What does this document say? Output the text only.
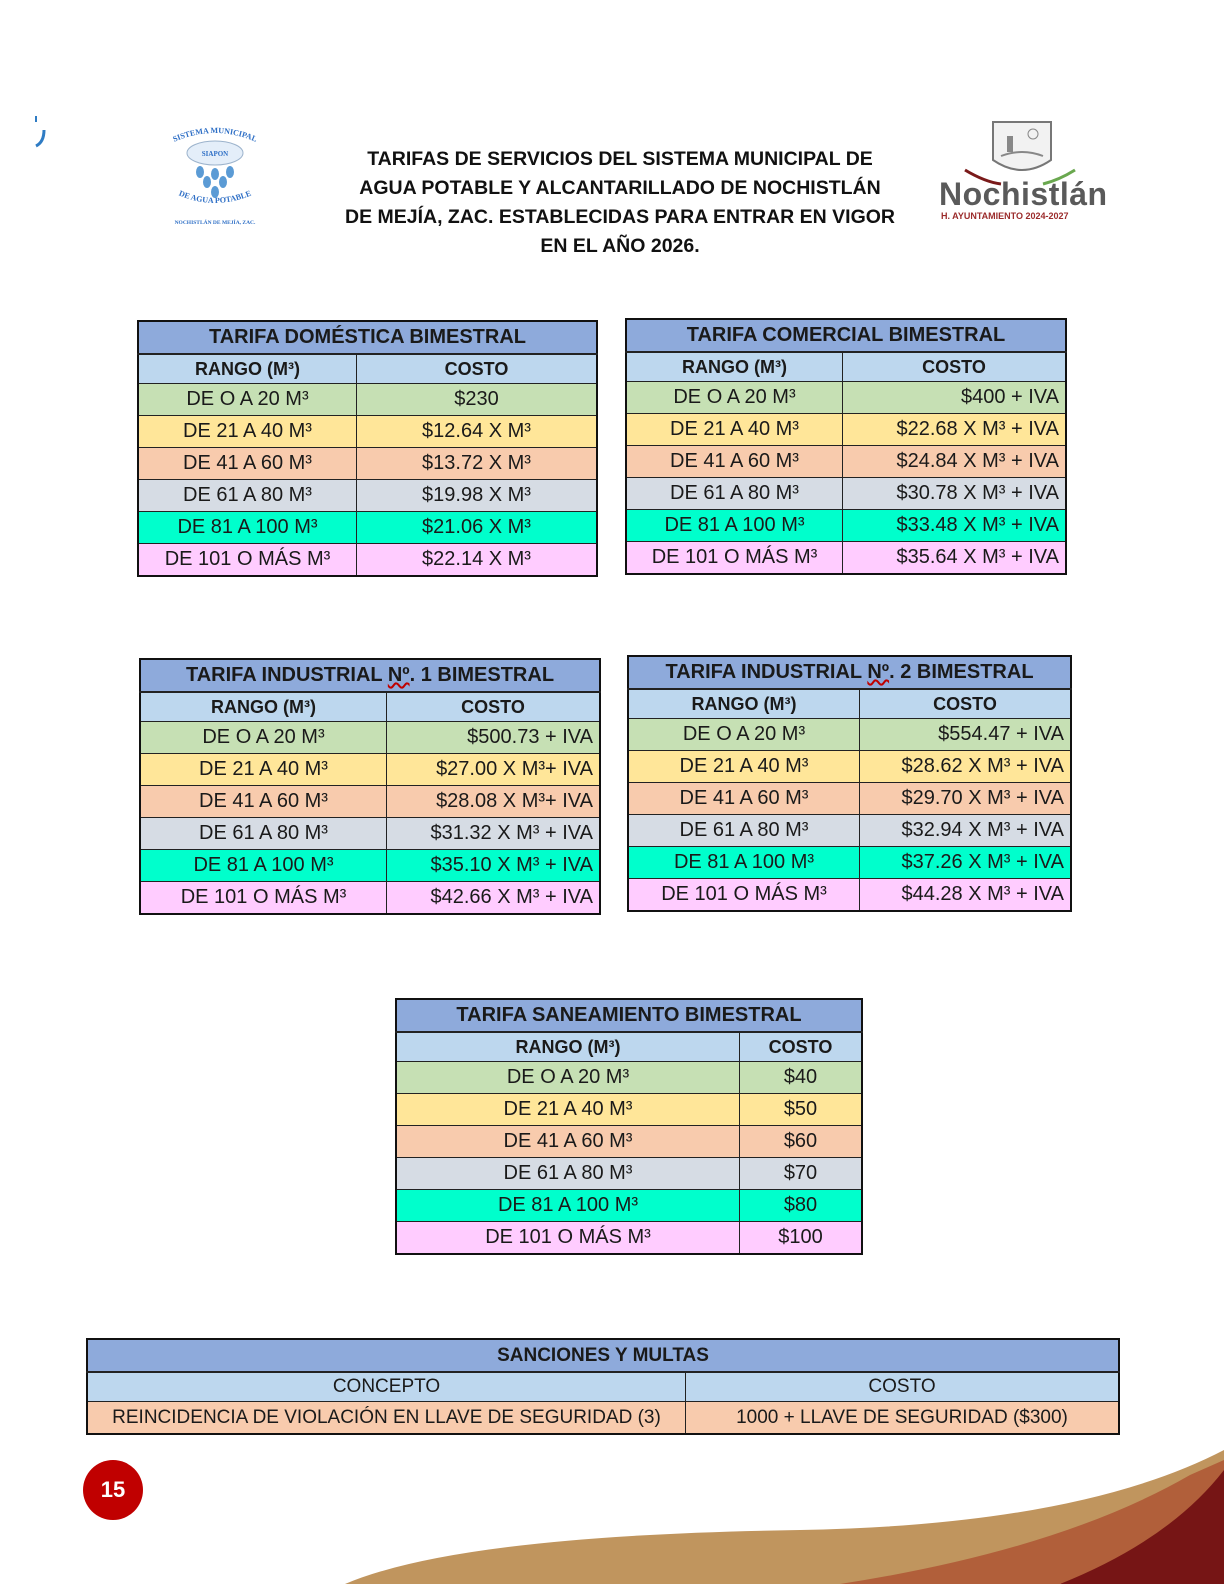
SISTEMA MUNICIPAL
SIAPON
DE AGUA POTABLE
NOCHISTLÁN DE MEJÍA, ZAC.
TARIFAS DE SERVICIOS DEL SISTEMA MUNICIPAL DE AGUA POTABLE Y ALCANTARILLADO DE NOCHISTLÁN DE MEJÍA, ZAC. ESTABLECIDAS PARA ENTRAR EN VIGOR EN EL AÑO 2026.
Nochistlán
H. AYUNTAMIENTO 2024-2027
TARIFA DOMÉSTICA BIMESTRAL	
RANGO (M³)	COSTO
DE O A 20 M³	$230
DE 21 A 40 M³	$12.64 X M³
DE 41 A 60 M³	$13.72 X M³
DE 61 A 80 M³	$19.98 X M³
DE 81 A 100 M³	$21.06 X M³
DE 101 O MÁS M³	$22.14 X M³
TARIFA COMERCIAL BIMESTRAL	
RANGO (M³)	COSTO
DE O A 20 M³	$400 + IVA
DE 21 A 40 M³	$22.68 X M³ + IVA
DE 41 A 60 M³	$24.84 X M³ + IVA
DE 61 A 80 M³	$30.78 X M³ + IVA
DE 81 A 100 M³	$33.48 X M³ + IVA
DE 101 O MÁS M³	$35.64 X M³ + IVA
TARIFA INDUSTRIAL Nº. 1 BIMESTRAL	
RANGO (M³)	COSTO
DE O A 20 M³	$500.73 + IVA
DE 21 A 40 M³	$27.00 X M³+ IVA
DE 41 A 60 M³	$28.08 X M³+ IVA
DE 61 A 80 M³	$31.32 X M³ + IVA
DE 81 A 100 M³	$35.10 X M³ + IVA
DE 101 O MÁS M³	$42.66 X M³ + IVA
TARIFA INDUSTRIAL Nº. 2 BIMESTRAL	
RANGO (M³)	COSTO
DE O A 20 M³	$554.47 + IVA
DE 21 A 40 M³	$28.62 X M³ + IVA
DE 41 A 60 M³	$29.70 X M³ + IVA
DE 61 A 80 M³	$32.94 X M³ + IVA
DE 81 A 100 M³	$37.26 X M³ + IVA
DE 101 O MÁS M³	$44.28 X M³ + IVA
TARIFA SANEAMIENTO BIMESTRAL	
RANGO (M³)	COSTO
DE O A 20 M³	$40
DE 21 A 40 M³	$50
DE 41 A 60 M³	$60
DE 61 A 80 M³	$70
DE 81 A 100 M³	$80
DE 101 O MÁS M³	$100
SANCIONES Y MULTAS	
CONCEPTO	COSTO
REINCIDENCIA DE VIOLACIÓN EN LLAVE DE SEGURIDAD (3)	1000 + LLAVE DE SEGURIDAD ($300)
15
